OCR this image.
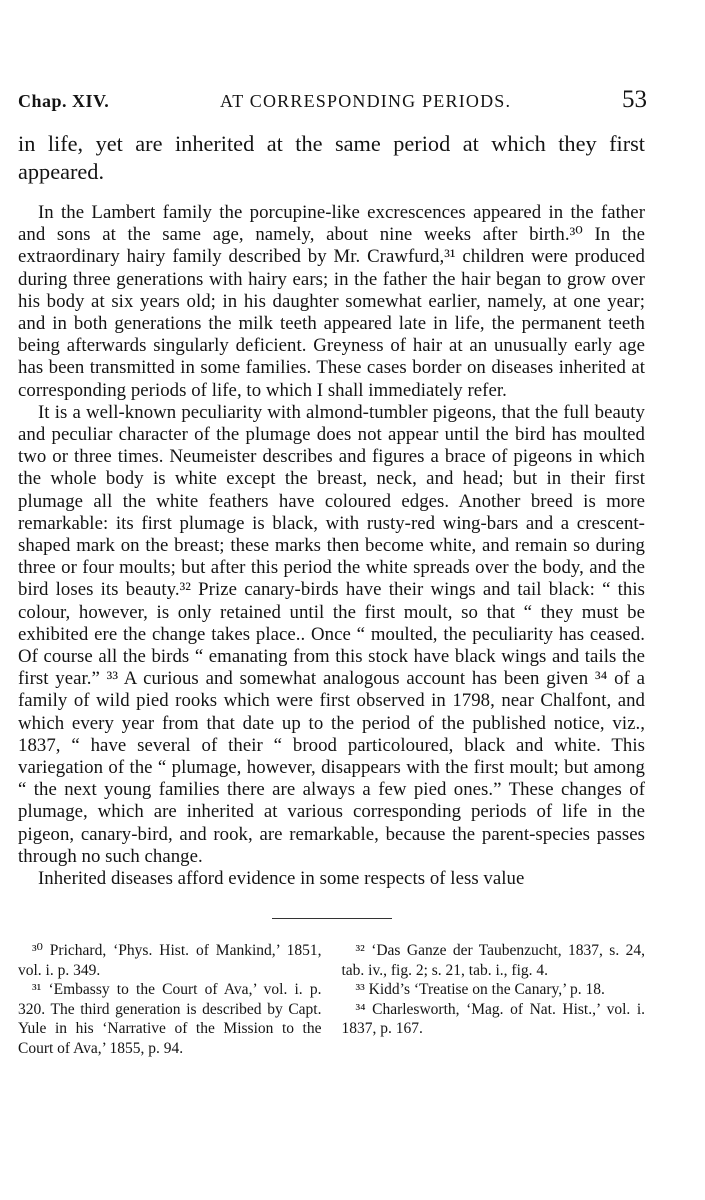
Chap. XIV.	AT CORRESPONDING PERIODS.	53
in life, yet are inherited at the same period at which they first appeared.

In the Lambert family the porcupine-like excrescences appeared in the father and sons at the same age, namely, about nine weeks after birth.³⁰ In the extraordinary hairy family described by Mr. Crawfurd,³¹ children were produced during three generations with hairy ears; in the father the hair began to grow over his body at six years old; in his daughter somewhat earlier, namely, at one year; and in both generations the milk teeth appeared late in life, the permanent teeth being afterwards singularly deficient. Greyness of hair at an unusually early age has been transmitted in some families. These cases border on diseases inherited at corresponding periods of life, to which I shall immediately refer.

It is a well-known peculiarity with almond-tumbler pigeons, that the full beauty and peculiar character of the plumage does not appear until the bird has moulted two or three times. Neumeister describes and figures a brace of pigeons in which the whole body is white except the breast, neck, and head; but in their first plumage all the white feathers have coloured edges. Another breed is more remarkable: its first plumage is black, with rusty-red wing-bars and a crescent-shaped mark on the breast; these marks then become white, and remain so during three or four moults; but after this period the white spreads over the body, and the bird loses its beauty.³² Prize canary-birds have their wings and tail black: “ this colour, however, is only retained until the first moult, so that “ they must be exhibited ere the change takes place.. Once “ moulted, the peculiarity has ceased. Of course all the birds “ emanating from this stock have black wings and tails the first year.” ³³ A curious and somewhat analogous account has been given ³⁴ of a family of wild pied rooks which were first observed in 1798, near Chalfont, and which every year from that date up to the period of the published notice, viz., 1837, “ have several of their “ brood particoloured, black and white. This variegation of the “ plumage, however, disappears with the first moult; but among “ the next young families there are always a few pied ones.” These changes of plumage, which are inherited at various corresponding periods of life in the pigeon, canary-bird, and rook, are remarkable, because the parent-species passes through no such change.

Inherited diseases afford evidence in some respects of less value

³⁰ Prichard, ‘Phys. Hist. of Mankind,’ 1851, vol. i. p. 349.

³¹ ‘Embassy to the Court of Ava,’ vol. i. p. 320. The third generation is described by Capt. Yule in his ‘Narrative of the Mission to the Court of Ava,’ 1855, p. 94.

³² ‘Das Ganze der Taubenzucht, 1837, s. 24, tab. iv., fig. 2; s. 21, tab. i., fig. 4.

³³ Kidd’s ‘Treatise on the Canary,’ p. 18.

³⁴ Charlesworth, ‘Mag. of Nat. Hist.,’ vol. i. 1837, p. 167.
